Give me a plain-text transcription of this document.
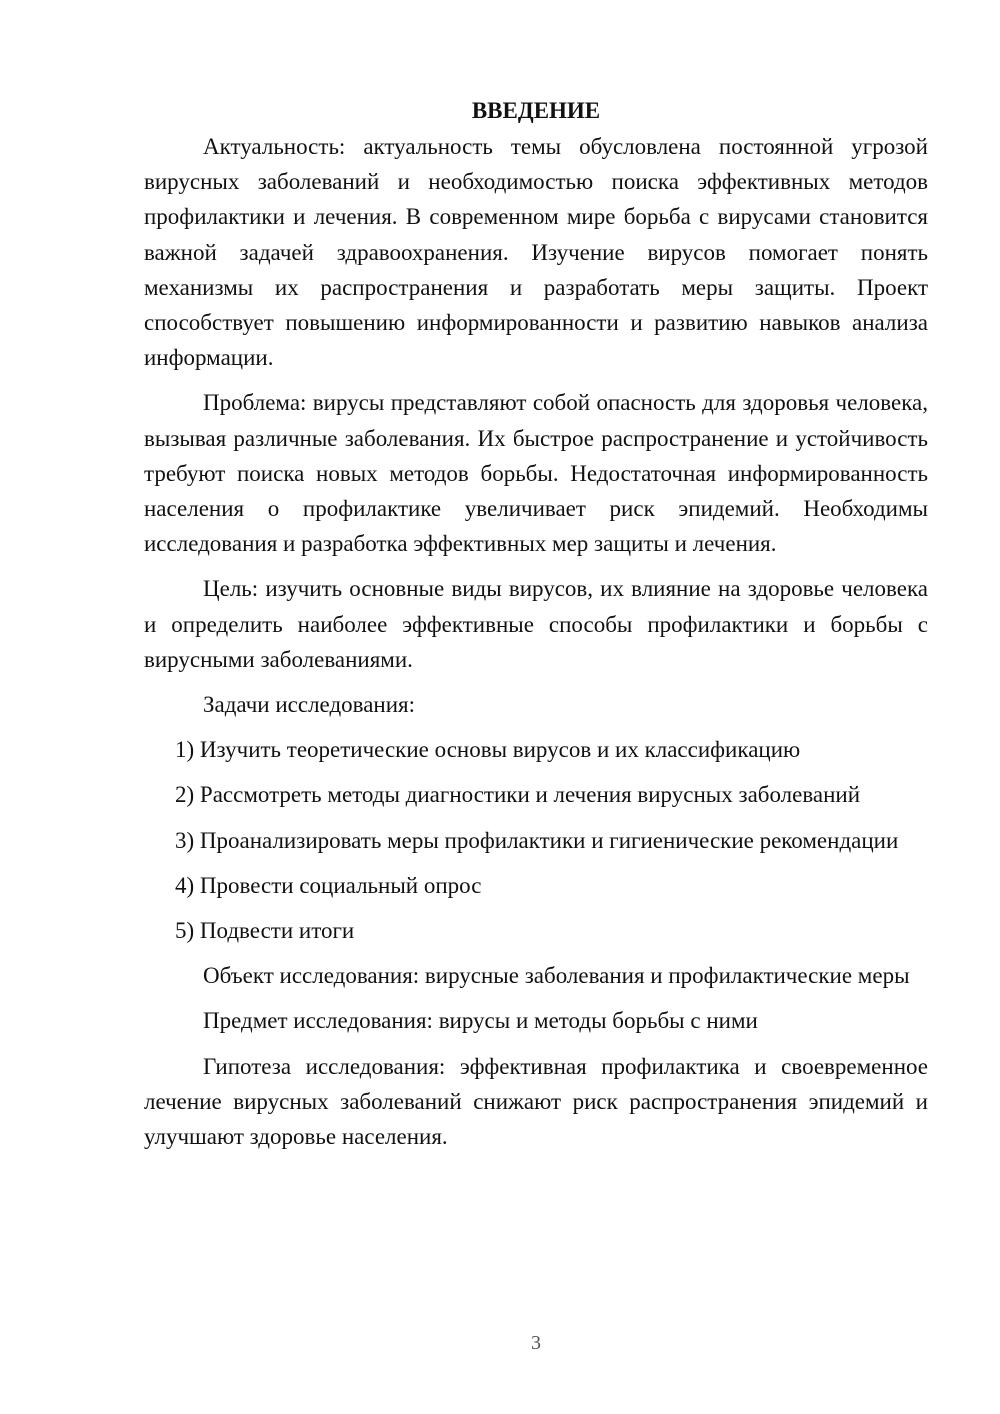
ВВЕДЕНИЕ

Актуальность: актуальность темы обусловлена постоянной угрозой вирусных заболеваний и необходимостью поиска эффективных методов профилактики и лечения. В современном мире борьба с вирусами становится важной задачей здравоохранения. Изучение вирусов помогает понять механизмы их распространения и разработать меры защиты. Проект способствует повышению информированности и развитию навыков анализа информации.

Проблема: вирусы представляют собой опасность для здоровья человека, вызывая различные заболевания. Их быстрое распространение и устойчивость требуют поиска новых методов борьбы. Недостаточная информированность населения о профилактике увеличивает риск эпидемий. Необходимы исследования и разработка эффективных мер защиты и лечения.

Цель: изучить основные виды вирусов, их влияние на здоровье человека и определить наиболее эффективные способы профилактики и борьбы с вирусными заболеваниями.

Задачи исследования:

1) Изучить теоретические основы вирусов и их классификацию

2) Рассмотреть методы диагностики и лечения вирусных заболеваний

3) Проанализировать меры профилактики и гигиенические рекомендации

4) Провести социальный опрос

5) Подвести итоги

Объект исследования: вирусные заболевания и профилактические меры

Предмет исследования: вирусы и методы борьбы с ними

Гипотеза исследования: эффективная профилактика и своевременное лечение вирусных заболеваний снижают риск распространения эпидемий и улучшают здоровье населения.

3
